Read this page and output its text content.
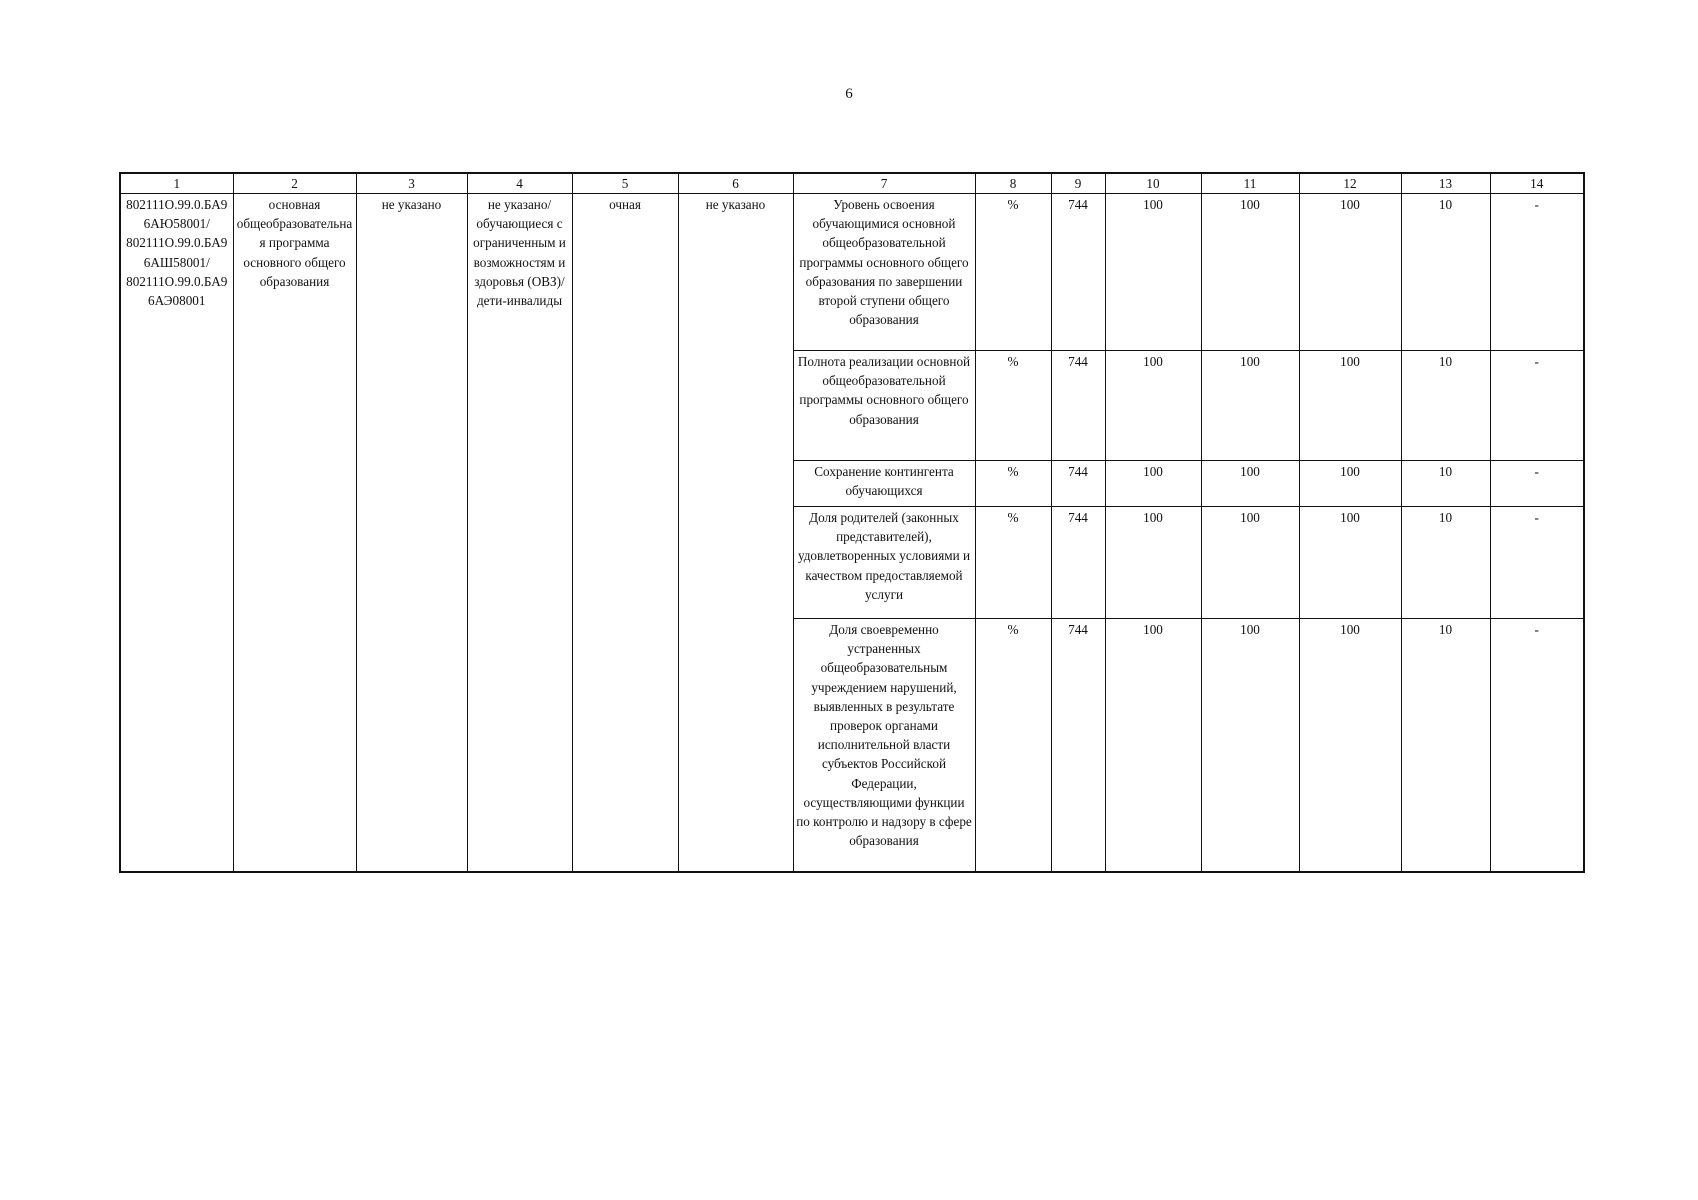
6
1	2	3	4	5	6	7	8	9	10	11	12	13	14

802111О.99.0.БА96АЮ58001/ 802111О.99.0.БА96АШ58001/ 802111О.99.0.БА96АЭ08001	основная общеобразовательная программа основного общего образования	не указано	не указано/ обучающиеся с ограниченным и возможностям и здоровья (ОВЗ)/ дети-инвалиды	очная	не указано	Уровень освоения обучающимися основной общеобразовательной программы основного общего образования по завершении второй ступени общего образования	%	744	100	100	100	10	-
						Полнота реализации основной общеобразовательной программы основного общего образования	%	744	100	100	100	10	-
						Сохранение контингента обучающихся	%	744	100	100	100	10	-
						Доля родителей (законных представителей), удовлетворенных условиями и качеством предоставляемой услуги	%	744	100	100	100	10	-
						Доля своевременно устраненных общеобразовательным учреждением нарушений, выявленных в результате проверок органами исполнительной власти субъектов Российской Федерации, осуществляющими функции по контролю и надзору в сфере образования	%	744	100	100	100	10	-
